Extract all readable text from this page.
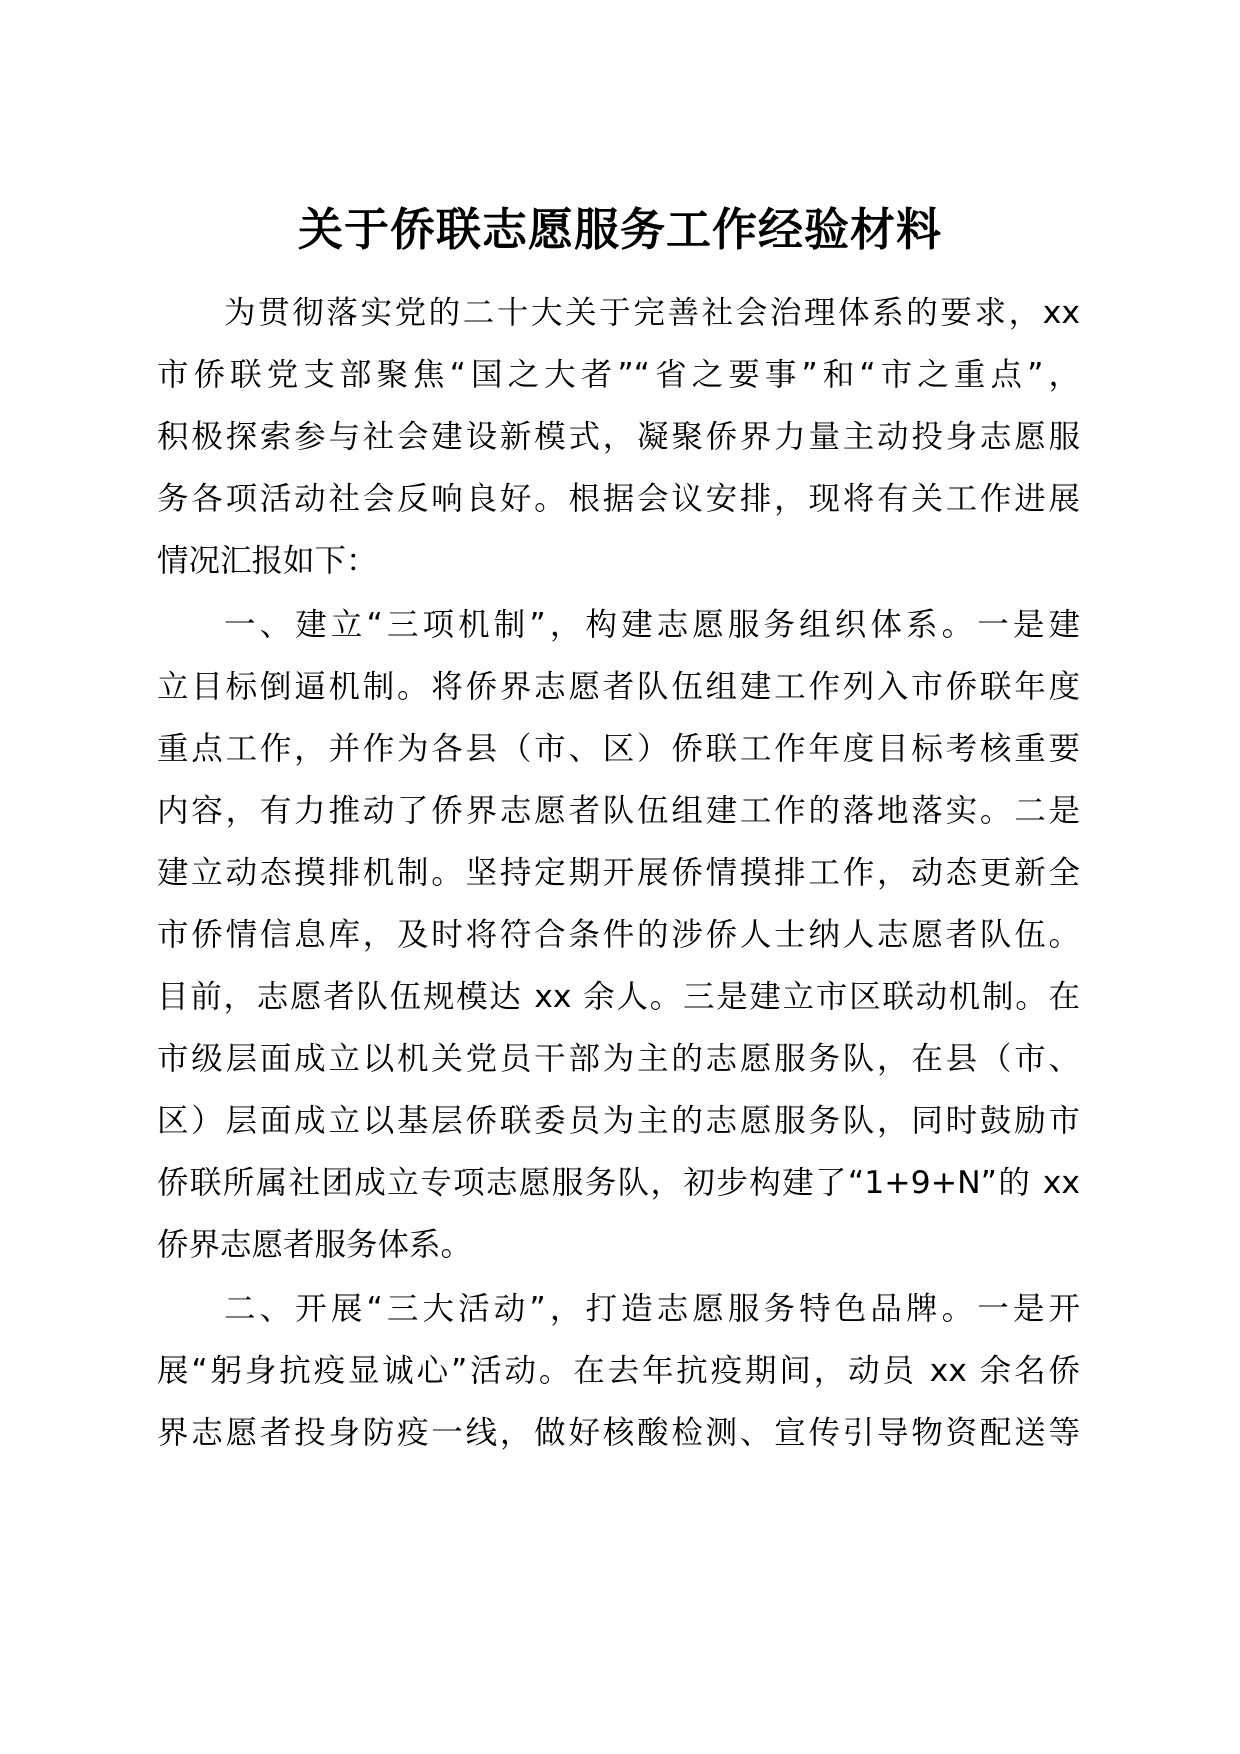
关于侨联志愿服务工作经验材料

为贯彻落实党的二十大关于完善社会治理体系的要求，xx

市侨联党支部聚焦“国之大者”“省之要事”和“市之重点”，

积极探索参与社会建设新模式，凝聚侨界力量主动投身志愿服

务各项活动社会反响良好。根据会议安排，现将有关工作进展

情况汇报如下：

一、建立“三项机制”，构建志愿服务组织体系。一是建

立目标倒逼机制。将侨界志愿者队伍组建工作列入市侨联年度

重点工作，并作为各县（市、区）侨联工作年度目标考核重要

内容，有力推动了侨界志愿者队伍组建工作的落地落实。二是

建立动态摸排机制。坚持定期开展侨情摸排工作，动态更新全

市侨情信息库，及时将符合条件的涉侨人士纳人志愿者队伍。

目前，志愿者队伍规模达 xx 余人。三是建立市区联动机制。在

市级层面成立以机关党员干部为主的志愿服务队，在县（市、

区）层面成立以基层侨联委员为主的志愿服务队，同时鼓励市

侨联所属社团成立专项志愿服务队，初步构建了“1+9+N”的 xx

侨界志愿者服务体系。

二、开展“三大活动”，打造志愿服务特色品牌。一是开

展“躬身抗疫显诚心”活动。在去年抗疫期间，动员 xx 余名侨

界志愿者投身防疫一线，做好核酸检测、宣传引导物资配送等
